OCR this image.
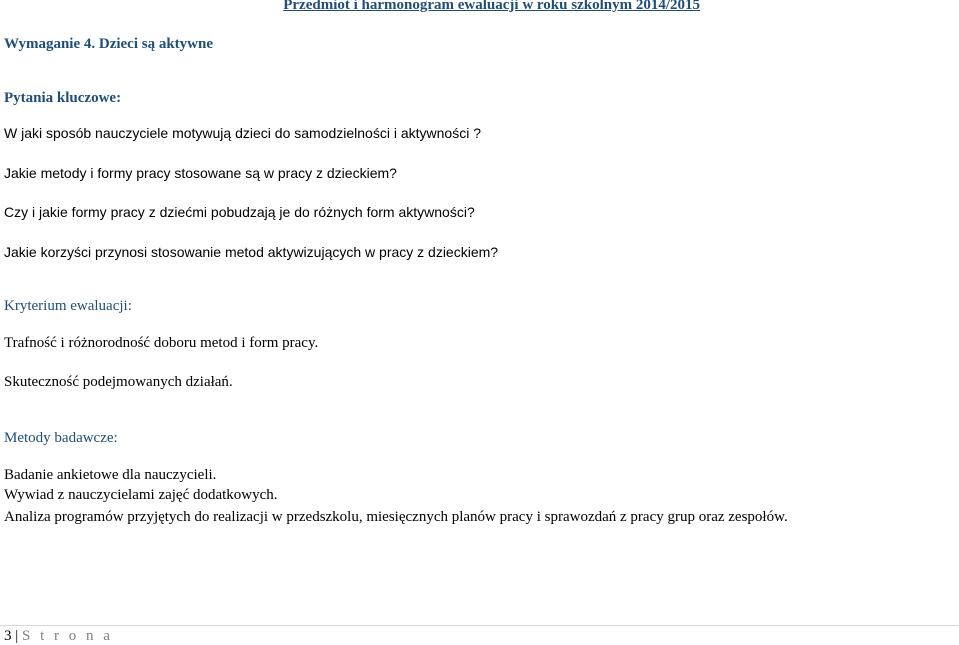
Przedmiot i harmonogram ewaluacji w roku szkolnym 2014/2015
Wymaganie 4. Dzieci są aktywne
Pytania kluczowe:
W jaki sposób nauczyciele motywują dzieci do samodzielności i aktywności ?
Jakie metody i formy pracy stosowane są w pracy z dzieckiem?
Czy i jakie formy pracy z dziećmi pobudzają je do różnych form aktywności?
Jakie korzyści przynosi stosowanie metod aktywizujących w pracy z dzieckiem?
Kryterium ewaluacji:
Trafność i różnorodność doboru metod i form pracy.
Skuteczność podejmowanych działań.
Metody badawcze:
Badanie ankietowe dla nauczycieli.
Wywiad z nauczycielami zajęć dodatkowych.
Analiza programów przyjętych do realizacji w przedszkolu, miesięcznych planów pracy i sprawozdań z pracy grup oraz zespołów.
3 | S t r o n a
